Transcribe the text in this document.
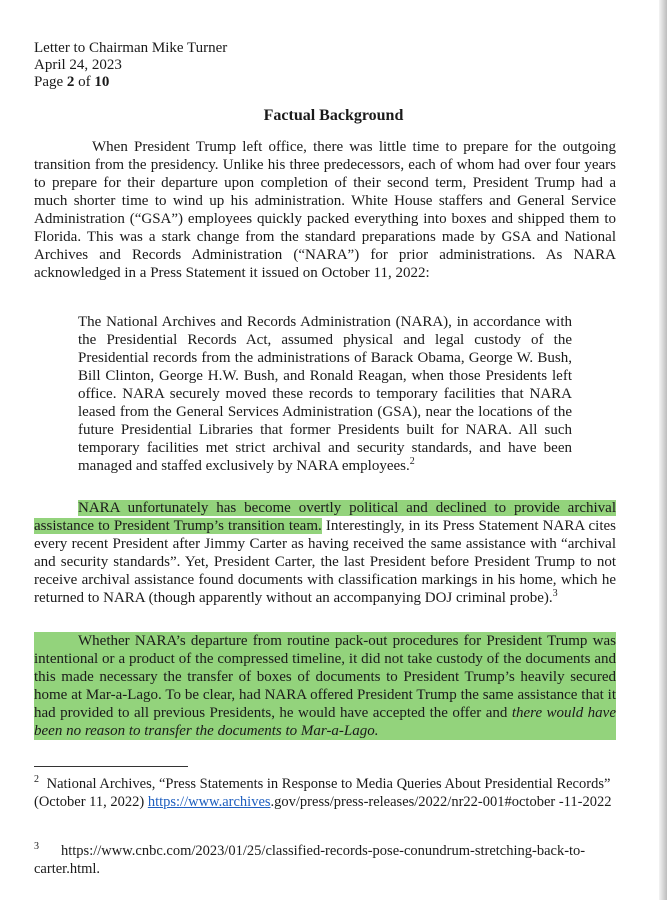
Letter to Chairman Mike Turner
April 24, 2023
Page 2 of 10
Factual Background

When President Trump left office, there was little time to prepare for the outgoing transition from the presidency. Unlike his three predecessors, each of whom had over four years to prepare for their departure upon completion of their second term, President Trump had a much shorter time to wind up his administration. White House staffers and General Service Administration (“GSA”) employees quickly packed everything into boxes and shipped them to Florida. This was a stark change from the standard preparations made by GSA and National Archives and Records Administration (“NARA”) for prior administrations. As NARA acknowledged in a Press Statement it issued on October 11, 2022:

The National Archives and Records Administration (NARA), in accordance with the Presidential Records Act, assumed physical and legal custody of the Presidential records from the administrations of Barack Obama, George W. Bush, Bill Clinton, George H.W. Bush, and Ronald Reagan, when those Presidents left office. NARA securely moved these records to temporary facilities that NARA leased from the General Services Administration (GSA), near the locations of the future Presidential Libraries that former Presidents built for NARA. All such temporary facilities met strict archival and security standards, and have been managed and staffed exclusively by NARA employees.$^2$

NARA unfortunately has become overtly political and declined to provide archival assistance to President Trump’s transition team. Interestingly, in its Press Statement NARA cites every recent President after Jimmy Carter as having received the same assistance with “archival and security standards”. Yet, President Carter, the last President before President Trump to not receive archival assistance found documents with classification markings in his home, which he returned to NARA (though apparently without an accompanying DOJ criminal probe).$^3$

Whether NARA’s departure from routine pack-out procedures for President Trump was intentional or a product of the compressed timeline, it did not take custody of the documents and this made necessary the transfer of boxes of documents to President Trump’s heavily secured home at Mar-a-Lago. To be clear, had NARA offered President Trump the same assistance that it had provided to all previous Presidents, he would have accepted the offer and there would have been no reason to transfer the documents to Mar-a-Lago.

$^2$ National Archives, “Press Statements in Response to Media Queries About Presidential Records” (October 11, 2022) https://www.archives.gov/press/press-releases/2022/nr22-001#october -11-2022

$^3$ https://www.cnbc.com/2023/01/25/classified-records-pose-conundrum-stretching-back-to-carter.html.
